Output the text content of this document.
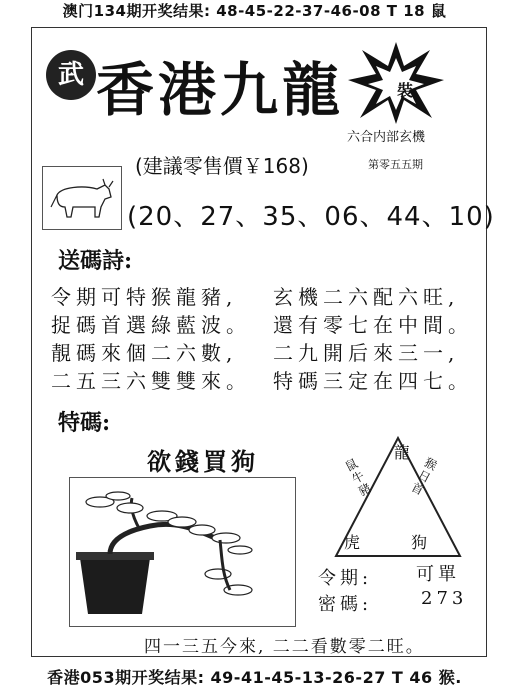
澳门134期开奖结果: 48-45-22-37-46-08 T 18 鼠
武 香港九龍	裝
六合内部玄機
(建議零售價￥168)	第零五五期
(20、27、35、06、44、10)
送碼詩:
令期可特猴龍豬,
捉碼首選綠藍波。
靚碼來個二六數,
二五三六雙雙來。
玄機二六配六旺,
還有零七在中間。
二九開后來三一,
特碼三定在四七。
特碼:
欲錢買狗	龍
鼠牛豬
猴日首
虎	狗
令期: 可單
密碼:	273
四一三五今來, 二二看數零二旺。
香港053期开奖结果: 49-41-45-13-26-27 T 46 猴.
